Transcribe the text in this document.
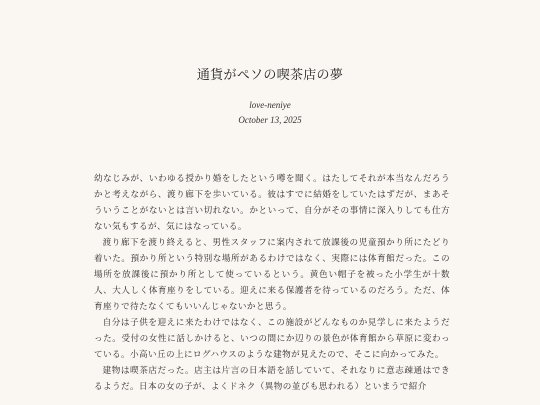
通貨がペソの喫茶店の夢
love-neniye
October 13, 2025

幼なじみが、いわゆる授かり婚をしたという噂を聞く。はたしてそれが本当なんだろうかと考えながら、渡り廊下を歩いている。彼はすでに結婚をしていたはずだが、まあそういうことがないとは言い切れない。かといって、自分がその事情に深入りしても仕方ない気もするが、気にはなっている。

渡り廊下を渡り終えると、男性スタッフに案内されて放課後の児童預かり所にたどり着いた。預かり所という特別な場所があるわけではなく、実際には体育館だった。この場所を放課後に預かり所として使っているという。黄色い帽子を被った小学生が十数人、大人しく体育座りをしている。迎えに来る保護者を待っているのだろう。ただ、体育座りで待たなくてもいいんじゃないかと思う。

自分は子供を迎えに来たわけではなく、この施設がどんなものか見学しに来たようだった。受付の女性に話しかけると、いつの間にか辺りの景色が体育館から草原に変わっている。小高い丘の上にログハウスのような建物が見えたので、そこに向かってみた。

建物は喫茶店だった。店主は片言の日本語を話していて、それなりに意志疎通はできるようだ。日本の女の子が、よくドネク（異物の並びも思われる）といまうで紹介
